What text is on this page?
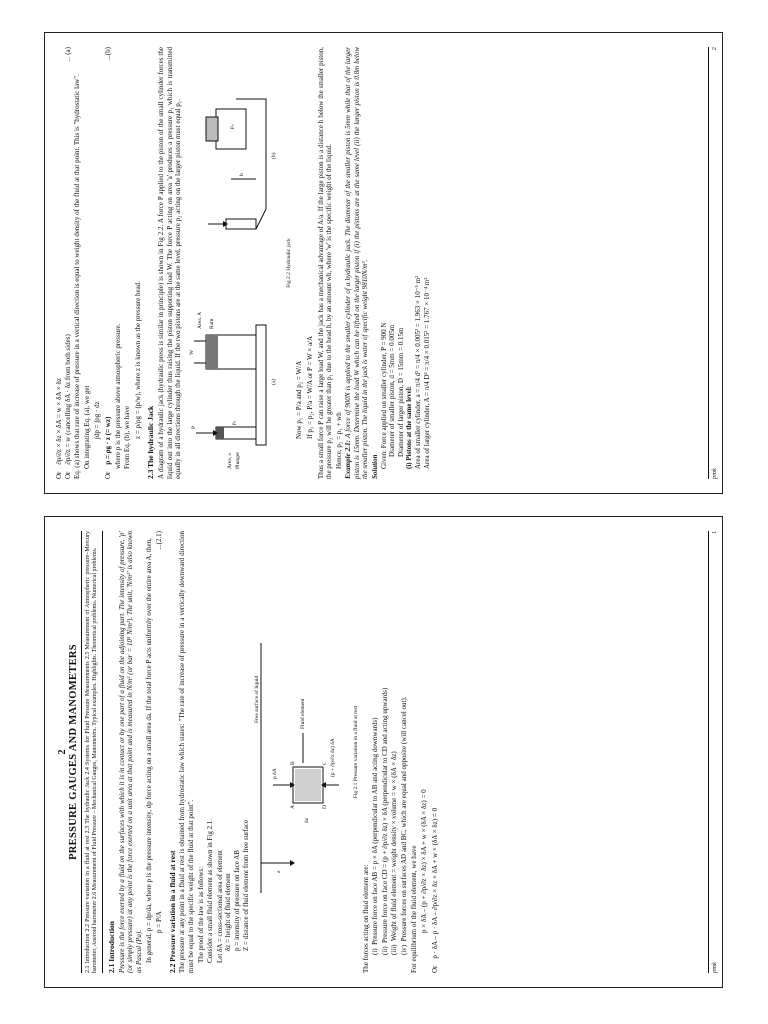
Or    ∂p/∂z × δz × δA = w × δA × δz
Or    ∂p/∂z = w (cancelling δA · δz from both sides)
... (a)

Eq. (a) shows that rate of increase of pressure in a vertical direction is equal to weight density of the fluid at that point. This is "hydrostatic law". On integrating Eq. (a), we get ∫dp = ∫ρg · dz
Or    p = ρg · z (= wz)
...(b)

where p is the pressure above atmospheric pressure. From Eq. (b), we have z = p/ρg = (p/w), where z is known as the pressure head.
2.3 The hydraulic Jack A diagram of a hydraulic jack (hydraulic press is similar in principle) is shown in Fig 2.2. A force P applied to the piston of the small cylinder forces the liquid out into the large cylinder thus raising the piston supporting load W. The force P acting on area 'a' produces a pressure p₁ which is transmitted equally in all directions through the liquid. If the two pistons are at the same level, pressure p₂ acting on the larger piston must equal p₁.	Area, a Plunger
Area, A Ram
P
W
p₁
p₂
h
(a)
(b)
Fig 2.2 Hydraulic jack
Now p₁ = P/a and p₂ = W/A If p₁ = p₂, P/a = W/A or P = W × a/A Thus a small force P can raise a large load W, and the jack has a mechanical advantage of A/a. If the large piston is a distance h below the smaller piston, the pressure p₂ will be greater than p₁ due to the head h, by an amount wh, where 'w' is the specific weight of the liquid. Hence, p₂ = p₁ + wh Example 2.1: A force of 900N is applied to the smaller cylinder of a hydraulic jack. The diameter of the smaller piston is 5mm while that of the larger piston is 15mm. Determine the load W which can be lifted on the larger piston if (i) the pistons are at the same level (ii) the larger piston is 0.8m below the smaller piston. The liquid in the jack is water of specific weight 9810N/m³. Solution Given: Force applied on smaller cylinder, P = 900 N Diameter of smaller piston, d = 5mm = 0.005m Diameter of larger piston, D = 15mm = 0.15m (i) Pistons at the same level: Area of smaller cylinder, a = π/4 d² = π/4 × 0.005² = 1.963 × 10⁻⁵ m² Area of larger cylinder, A = π/4 D² = π/4 × 0.015² = 1.767 × 10⁻⁴ m²
pmk
2
2 PRESSURE GAUGES AND MANOMETERS 2.1 Introduction 2.2 Pressure variation in a fluid at rest 2.3 The hydraulic Jack 2.4 Systems for Fluid Pressure Measurements 2.5 Measurement of Atmospheric pressure–Mercury barometer, Aneroid barometer 2.6 Measurement of Fluid Pressure – Mechanical Gauges, Manometers. Typical examples. Highlights. Theoretical problems. Numerical problems. 2.1 Introduction Pressure is the force exerted by a fluid on the surfaces with which it is in contact or by one part of a fluid on the adjoining part. The intensity of pressure, 'p' (or simply pressure) at any point is the force exerted on a unit area at that point and is measured in N/m² (or bar = 10⁵ N/m²). The unit, 'N/m²' is also known as Pascal (Pa). In general, p = dp/da, where p is the pressure intensity, dp force acting on a small area da. If the total force P acts uniformly over the entire area A, then, p = P/A
...(2.1)
2.2 Pressure variation in a fluid at rest The pressure at any point in a fluid at rest is obtained from hydrostatic law which states: "The rate of increase of pressure in a vertically downward direction must be equal to the specific weight of the fluid at that point". The proof of the law is as follows: Consider a small fluid element as shown in Fig 2.1. Let δA = cross-sectional area of element δz = height of fluid element p = intensity of pressure on face AB Z = distance of fluid element from free surface
Free surface of liquid
z
δz
p δA
Fluid element
(p + ∂p/∂z δz) δA
A
B	C
D
Fig 2.1 Pressure variation in a fluid at rest

The forces acting on fluid element are: (i)  Pressure force on face AB = p × δA (perpendicular to AB and acting downwards)
(ii)  Pressure force on face CD = (p + ∂p/∂z δz) × δA (perpendicular to CD and acting upwards)
(iii)  Weight of fluid element = weight density × volume = w × (δA × δz)
(iv)  Pressure forces on surfaces AD and BC, which are equal and opposite (will cancel out). For equilibrium of the fluid element, we have p × δA – (p + ∂p/∂z × δz) × δA + w × (δA × δz) = 0
Or    p · δA – p · δA – ∂p/∂z × δz × δA + w × (δA × δz) = 0
pmk
1
